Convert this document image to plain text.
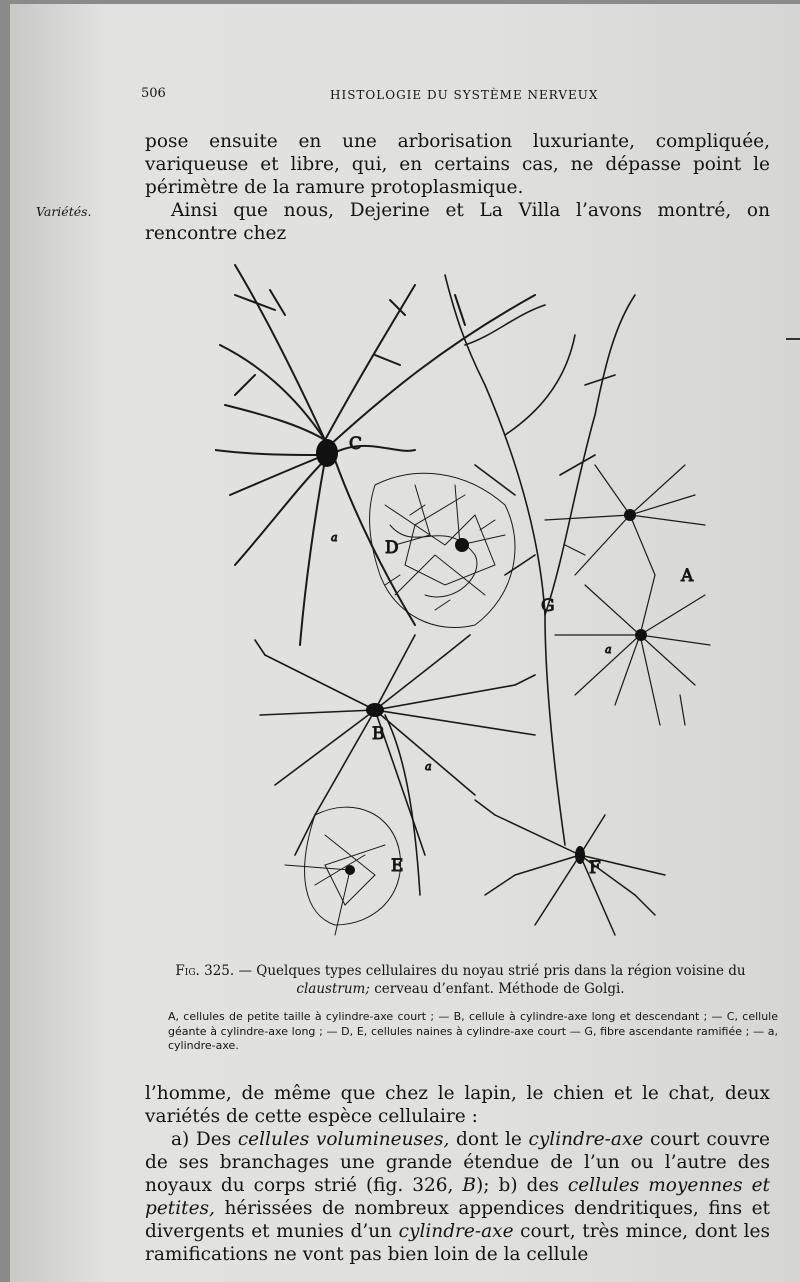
506	HISTOLOGIE DU SYSTÈME NERVEUX
Variétés.

pose ensuite en une arborisation luxuriante, compliquée, variqueuse et libre, qui, en certains cas, ne dépasse point le périmètre de la ramure protoplasmique.

Ainsi que nous, Dejerine et La Villa l’avons montré, on rencontre chez

C
D
A
G
B
E	F
a
a
a
Fig. 325. — Quelques types cellulaires du noyau strié pris dans la région voisine du claustrum; cerveau d’enfant. Méthode de Golgi.
A, cellules de petite taille à cylindre-axe court ; — B, cellule à cylindre-axe long et descendant ; — C, cellule géante à cylindre-axe long ; — D, E, cellules naines à cylindre-axe court — G, fibre ascendante ramifiée ; — a, cylindre-axe.

l’homme, de même que chez le lapin, le chien et le chat, deux variétés de cette espèce cellulaire :

a) Des cellules volumineuses, dont le cylindre-axe court couvre de ses branchages une grande étendue de l’un ou l’autre des noyaux du corps strié (fig. 326, B); b) des cellules moyennes et petites, hérissées de nombreux appendices dendritiques, fins et divergents et munies d’un cylindre-axe court, très mince, dont les ramifications ne vont pas bien loin de la cellule
